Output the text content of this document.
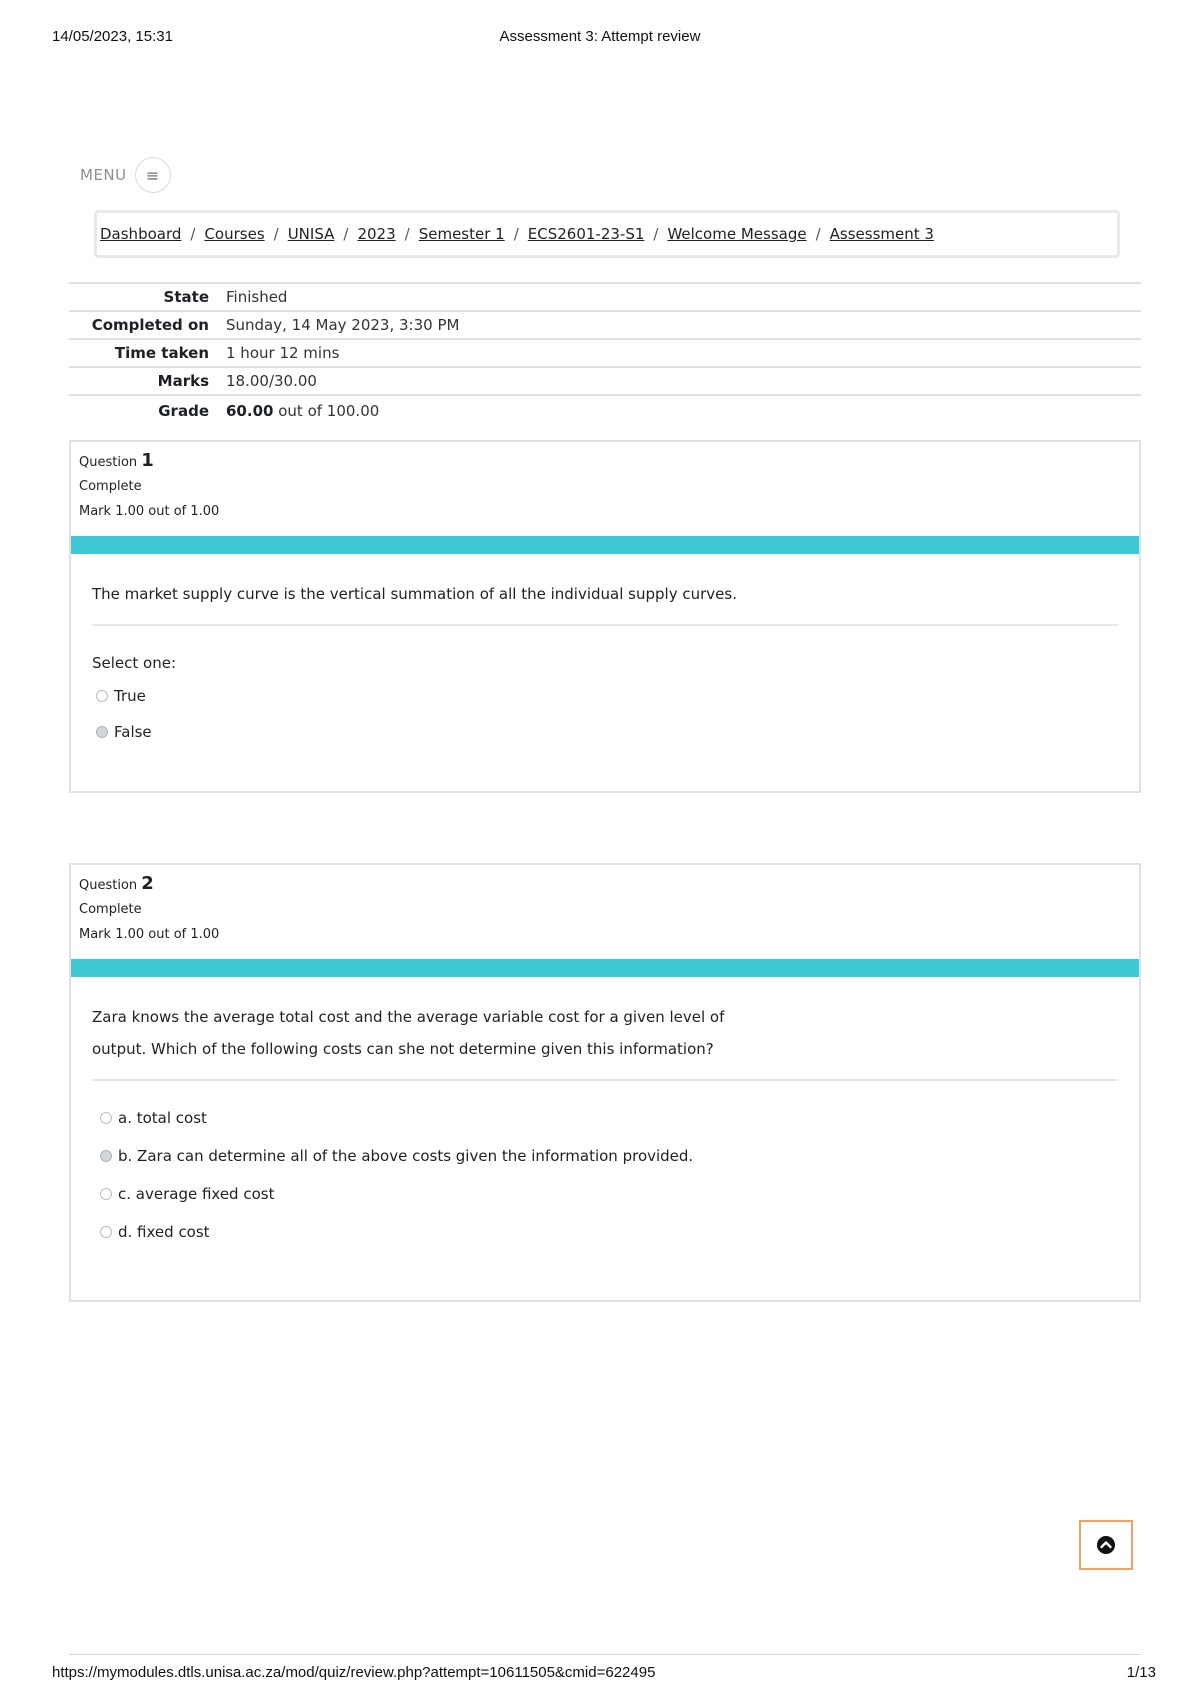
14/05/2023, 15:31	Assessment 3: Attempt review
MENU	≡
Dashboard / Courses / UNISA / 2023 / Semester 1 / ECS2601-23-S1 / Welcome Message / Assessment 3
State	Finished
Completed on	Sunday, 14 May 2023, 3:30 PM
Time taken	1 hour 12 mins
Marks	18.00/30.00
Grade	60.00 out of 100.00
Question 1
Complete
Mark 1.00 out of 1.00
The market supply curve is the vertical summation of all the individual supply curves.
Select one:
True
False
Question 2
Complete
Mark 1.00 out of 1.00
Zara knows the average total cost and the average variable cost for a given level of
output. Which of the following costs can she not determine given this information?
a. total cost
b. Zara can determine all of the above costs given the information provided.
c. average fixed cost
d. fixed cost
https://mymodules.dtls.unisa.ac.za/mod/quiz/review.php?attempt=10611505&cmid=622495	1/13
